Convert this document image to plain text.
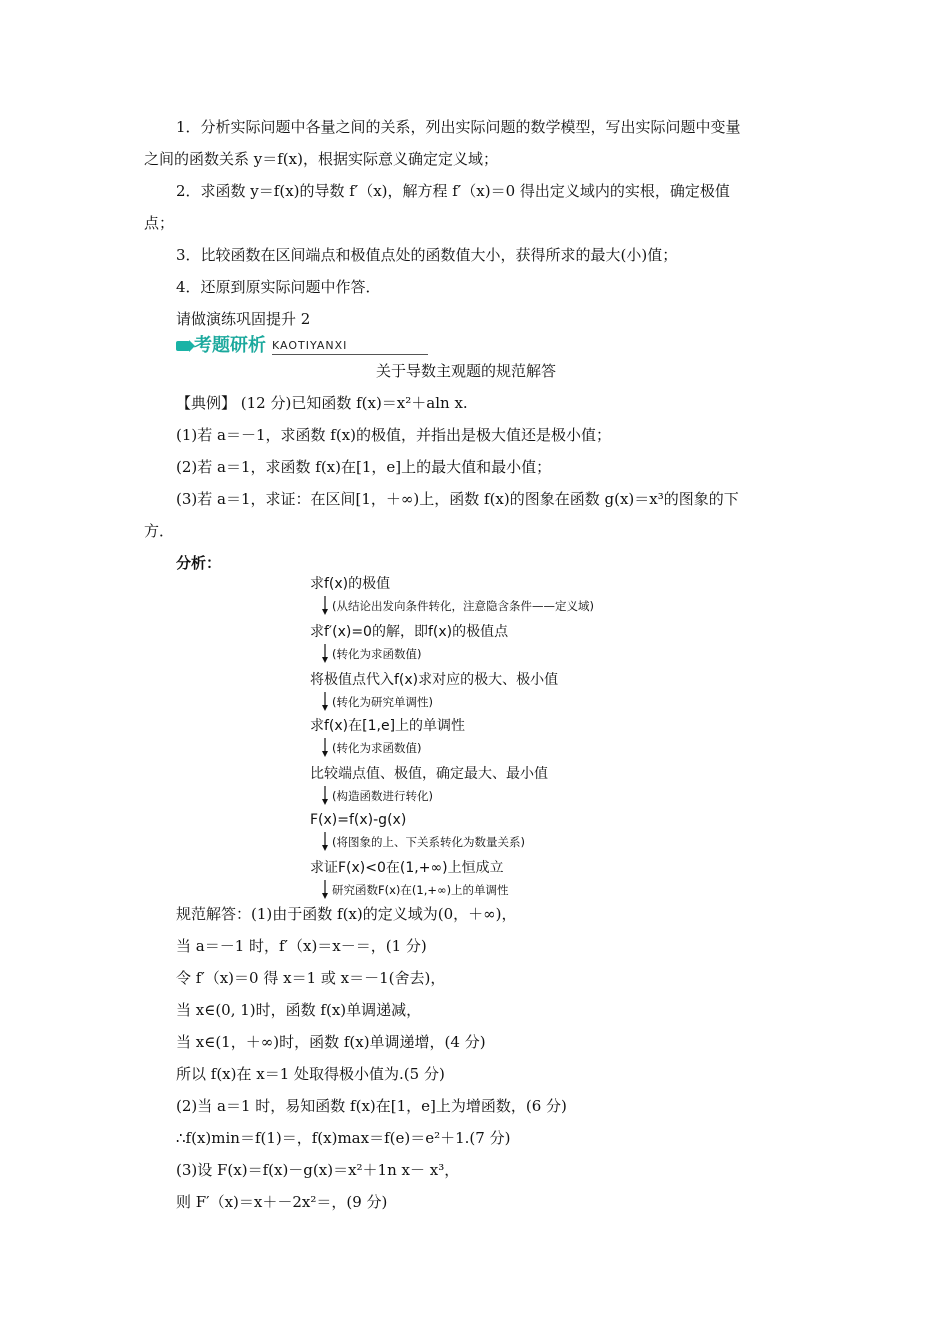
1．分析实际问题中各量之间的关系，列出实际问题的数学模型，写出实际问题中变量
之间的函数关系 y＝f(x)，根据实际意义确定定义域；
2．求函数 y＝f(x)的导数 f′（x)，解方程 f′（x)＝0 得出定义域内的实根，确定极值
点；
3．比较函数在区间端点和极值点处的函数值大小，获得所求的最大(小)值；
4．还原到原实际问题中作答．
请做演练巩固提升 2
考题研析 KAOTIYANXI
关于导数主观题的规范解答
【典例】 (12 分)已知函数 f(x)＝x²＋aln x.
(1)若 a＝－1，求函数 f(x)的极值，并指出是极大值还是极小值；
(2)若 a＝1，求函数 f(x)在[1，e]上的最大值和最小值；
(3)若 a＝1，求证：在区间[1，＋∞)上，函数 f(x)的图象在函数 g(x)＝x³的图象的下
方．
分析：
求f(x)的极值
(从结论出发向条件转化，注意隐含条件——定义域)
求f′(x)=0的解，即f(x)的极值点
(转化为求函数值)
将极值点代入f(x)求对应的极大、极小值
(转化为研究单调性)
求f(x)在[1,e]上的单调性
(转化为求函数值)
比较端点值、极值，确定最大、最小值
(构造函数进行转化)
F(x)=f(x)-g(x)
(将图象的上、下关系转化为数量关系)
求证F(x)<0在(1,+∞)上恒成立
研究函数F(x)在(1,+∞)上的单调性
规范解答：(1)由于函数 f(x)的定义域为(0，＋∞)，
当 a＝－1 时，f′（x)＝x－＝，(1 分)
令 f′（x)＝0 得 x＝1 或 x＝－1(舍去)，
当 x∈(0, 1)时，函数 f(x)单调递减，
当 x∈(1，＋∞)时，函数 f(x)单调递增，(4 分)
所以 f(x)在 x＝1 处取得极小值为.(5 分)
(2)当 a＝1 时，易知函数 f(x)在[1，e]上为增函数，(6 分)
∴f(x)min＝f(1)＝，f(x)max＝f(e)＝e²＋1.(7 分)
(3)设 F(x)＝f(x)－g(x)＝x²＋1n x－ x³，
则 F′（x)＝x＋－2x²＝，(9 分)
